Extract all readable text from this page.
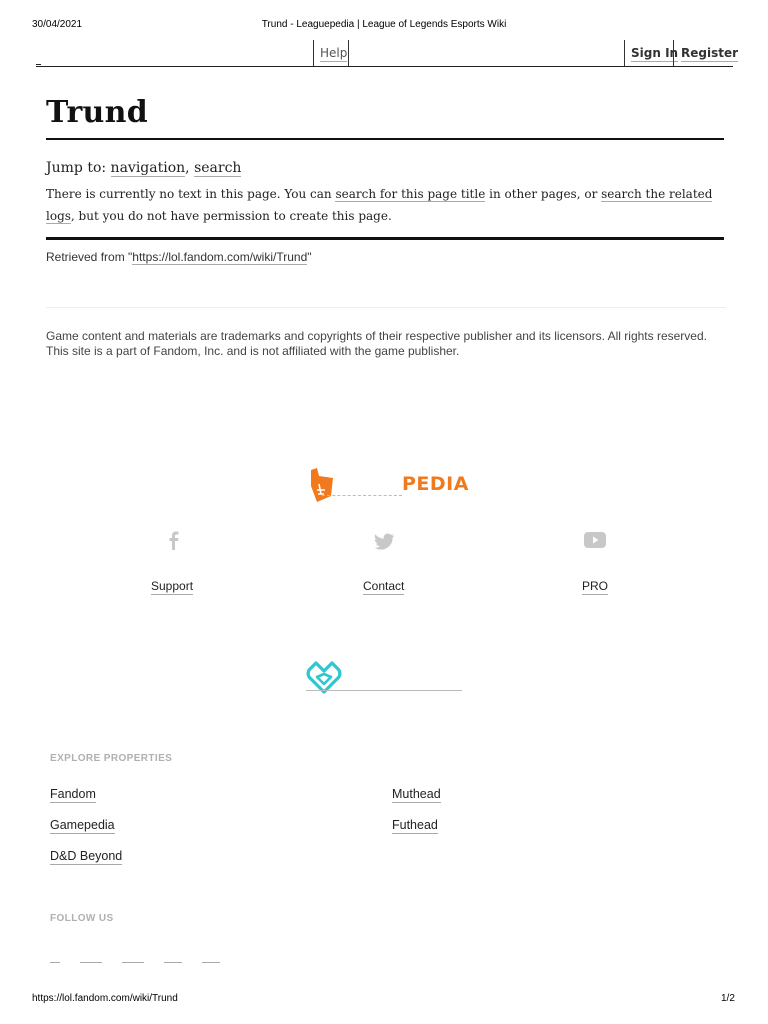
30/04/2021	Trund - Leaguepedia | League of Legends Esports Wiki
Help	Sign In Register
Trund
Jump to: navigation, search
There is currently no text in this page. You can search for this page title in other pages, or search the related logs, but you do not have permission to create this page.
Retrieved from "https://lol.fandom.com/wiki/Trund"
Game content and materials are trademarks and copyrights of their respective publisher and its licensors. All rights reserved.
This site is a part of Fandom, Inc. and is not affiliated with the game publisher.
PEDIA
Support	Contact	PRO
EXPLORE PROPERTIES
Fandom
Gamepedia
D&D Beyond
Muthead
Futhead
FOLLOW US
https://lol.fandom.com/wiki/Trund	1/2
